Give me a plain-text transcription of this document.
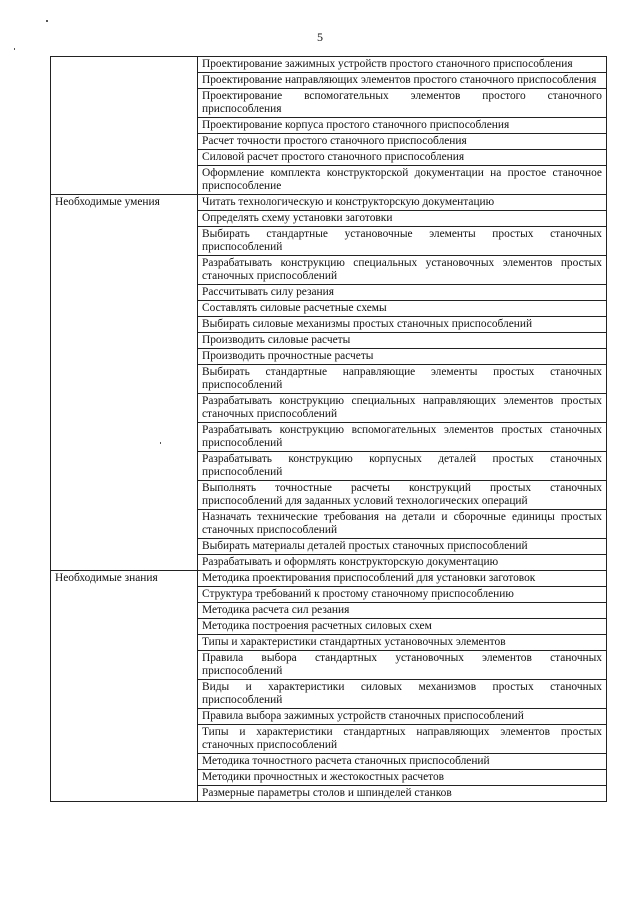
5
	Проектирование зажимных устройств простого станочного приспособления
	Проектирование направляющих элементов простого станочного приспособления
	Проектирование вспомогательных элементов простого станочного приспособления
	Проектирование корпуса простого станочного приспособления
	Расчет точности простого станочного приспособления
	Силовой расчет простого станочного приспособления
	Оформление комплекта конструкторской документации на простое станочное приспособление
Необходимые умения	Читать технологическую и конструкторскую документацию
	Определять схему установки заготовки
	Выбирать стандартные установочные элементы простых станочных приспособлений
	Разрабатывать конструкцию специальных установочных элементов простых станочных приспособлений
	Рассчитывать силу резания
	Составлять силовые расчетные схемы
	Выбирать силовые механизмы простых станочных приспособлений
	Производить силовые расчеты
	Производить прочностные расчеты
	Выбирать стандартные направляющие элементы простых станочных приспособлений
	Разрабатывать конструкцию специальных направляющих элементов простых станочных приспособлений
	Разрабатывать конструкцию вспомогательных элементов простых станочных приспособлений
	Разрабатывать конструкцию корпусных деталей простых станочных приспособлений
	Выполнять точностные расчеты конструкций простых станочных приспособлений для заданных условий технологических операций
	Назначать технические требования на детали и сборочные единицы простых станочных приспособлений
	Выбирать материалы деталей простых станочных приспособлений
	Разрабатывать и оформлять конструкторскую документацию
Необходимые знания	Методика проектирования приспособлений для установки заготовок
	Структура требований к простому станочному приспособлению
	Методика расчета сил резания
	Методика построения расчетных силовых схем
	Типы и характеристики стандартных установочных элементов
	Правила выбора стандартных установочных элементов станочных приспособлений
	Виды и характеристики силовых механизмов простых станочных приспособлений
	Правила выбора зажимных устройств станочных приспособлений
	Типы и характеристики стандартных направляющих элементов простых станочных приспособлений
	Методика точностного расчета станочных приспособлений
	Методики прочностных и жестокостных расчетов
	Размерные параметры столов и шпинделей станков
